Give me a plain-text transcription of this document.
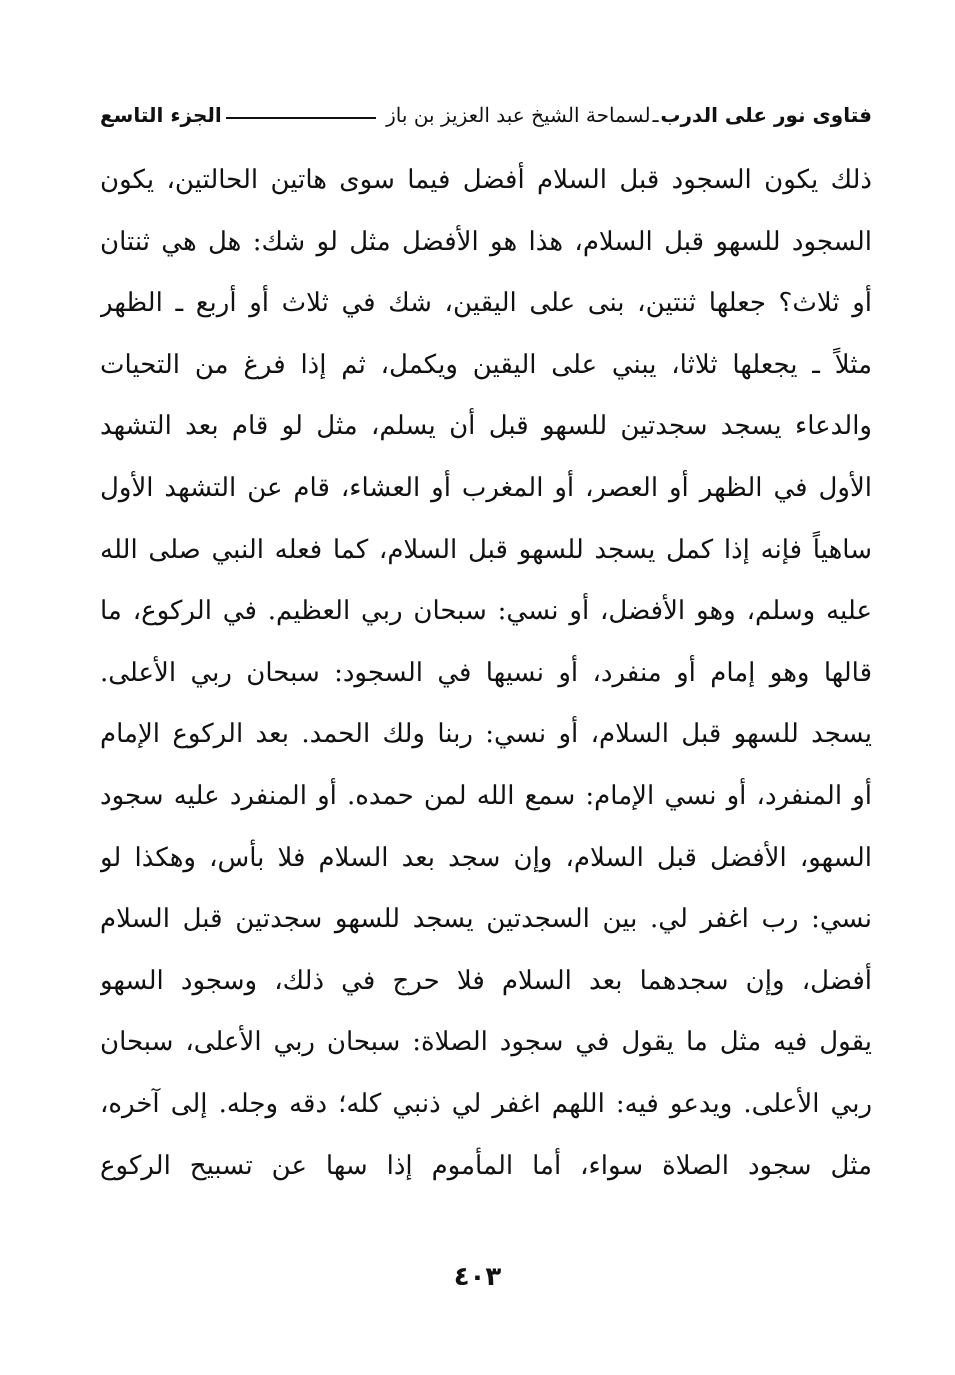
فتاوى نور على الدرب
ـ
لسماحة الشيخ عبد العزيز بن باز
الجزء التاسع
ذلك يكون السجود قبل السلام أفضل فيما سوى هاتين الحالتين، يكون
السجود للسهو قبل السلام، هذا هو الأفضل مثل لو شك: هل هي ثنتان
أو ثلاث؟ جعلها ثنتين، بنى على اليقين، شك في ثلاث أو أربع ـ الظهر
مثلاً ـ يجعلها ثلاثا، يبني على اليقين ويكمل، ثم إذا فرغ من التحيات
والدعاء يسجد سجدتين للسهو قبل أن يسلم، مثل لو قام بعد التشهد
الأول في الظهر أو العصر، أو المغرب أو العشاء، قام عن التشهد الأول
ساهياً فإنه إذا كمل يسجد للسهو قبل السلام، كما فعله النبي صلى الله
عليه وسلم، وهو الأفضل، أو نسي: سبحان ربي العظيم. في الركوع، ما
قالها وهو إمام أو منفرد، أو نسيها في السجود: سبحان ربي الأعلى.
يسجد للسهو قبل السلام، أو نسي: ربنا ولك الحمد. بعد الركوع الإمام
أو المنفرد، أو نسي الإمام: سمع الله لمن حمده. أو المنفرد عليه سجود
السهو، الأفضل قبل السلام، وإن سجد بعد السلام فلا بأس، وهكذا لو
نسي: رب اغفر لي. بين السجدتين يسجد للسهو سجدتين قبل السلام
أفضل، وإن سجدهما بعد السلام فلا حرج في ذلك، وسجود السهو
يقول فيه مثل ما يقول في سجود الصلاة: سبحان ربي الأعلى، سبحان
ربي الأعلى. ويدعو فيه: اللهم اغفر لي ذنبي كله؛ دقه وجله. إلى آخره،
مثل سجود الصلاة سواء، أما المأموم إذا سها عن تسبيح الركوع
٤٠٣
